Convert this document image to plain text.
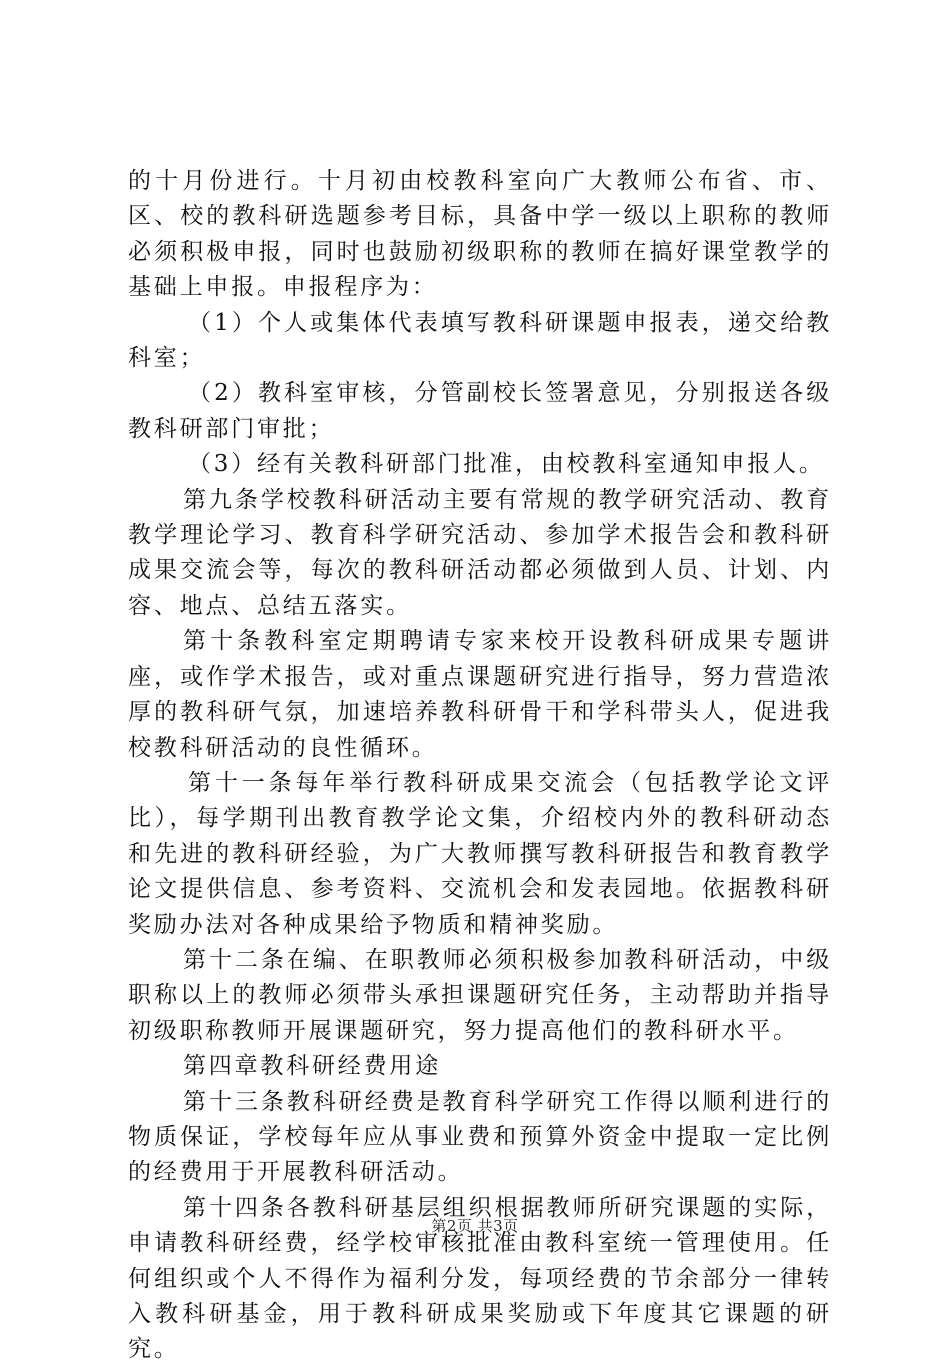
的十月份进行。十月初由校教科室向广大教师公布省、市、区、校的教科研选题参考目标，具备中学一级以上职称的教师必须积极申报，同时也鼓励初级职称的教师在搞好课堂教学的基础上申报。申报程序为：

（1）个人或集体代表填写教科研课题申报表，递交给教科室；

（2）教科室审核，分管副校长签署意见，分别报送各级教科研部门审批；

（3）经有关教科研部门批准，由校教科室通知申报人。

第九条学校教科研活动主要有常规的教学研究活动、教育教学理论学习、教育科学研究活动、参加学术报告会和教科研成果交流会等，每次的教科研活动都必须做到人员、计划、内容、地点、总结五落实。

第十条教科室定期聘请专家来校开设教科研成果专题讲座，或作学术报告，或对重点课题研究进行指导，努力营造浓厚的教科研气氛，加速培养教科研骨干和学科带头人，促进我校教科研活动的良性循环。

第十一条每年举行教科研成果交流会（包括教学论文评比），每学期刊出教育教学论文集，介绍校内外的教科研动态和先进的教科研经验，为广大教师撰写教科研报告和教育教学论文提供信息、参考资料、交流机会和发表园地。依据教科研奖励办法对各种成果给予物质和精神奖励。

第十二条在编、在职教师必须积极参加教科研活动，中级职称以上的教师必须带头承担课题研究任务，主动帮助并指导初级职称教师开展课题研究，努力提高他们的教科研水平。

第四章教科研经费用途

第十三条教科研经费是教育科学研究工作得以顺利进行的物质保证，学校每年应从事业费和预算外资金中提取一定比例的经费用于开展教科研活动。

第十四条各教科研基层组织根据教师所研究课题的实际，申请教科研经费，经学校审核批准由教科室统一管理使用。任何组织或个人不得作为福利分发，每项经费的节余部分一律转入教科研基金，用于教科研成果奖励或下年度其它课题的研究。

第2页 共3页
